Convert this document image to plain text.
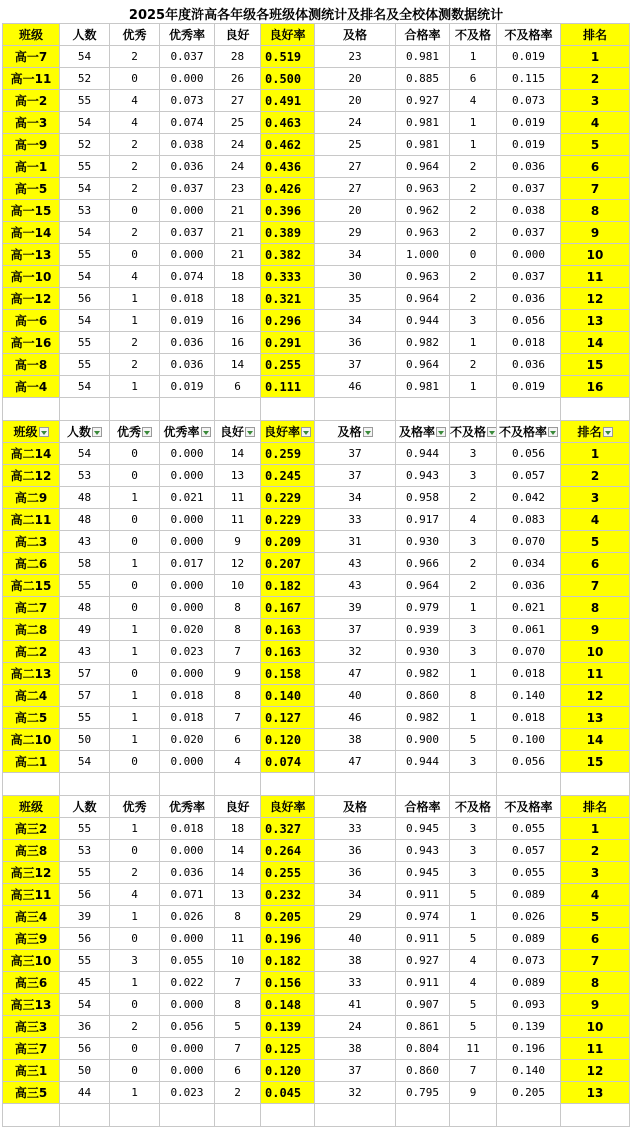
2025年度浒高各年级各班级体测统计及排名及全校体测数据统计										
班级	人数	优秀	优秀率	良好	良好率	及格	合格率	不及格	不及格率	排名
高一7	54	2	0.037	28	0.519	23	0.981	1	0.019	1
高一11	52	0	0.000	26	0.500	20	0.885	6	0.115	2
高一2	55	4	0.073	27	0.491	20	0.927	4	0.073	3
高一3	54	4	0.074	25	0.463	24	0.981	1	0.019	4
高一9	52	2	0.038	24	0.462	25	0.981	1	0.019	5
高一1	55	2	0.036	24	0.436	27	0.964	2	0.036	6
高一5	54	2	0.037	23	0.426	27	0.963	2	0.037	7
高一15	53	0	0.000	21	0.396	20	0.962	2	0.038	8
高一14	54	2	0.037	21	0.389	29	0.963	2	0.037	9
高一13	55	0	0.000	21	0.382	34	1.000	0	0.000	10
高一10	54	4	0.074	18	0.333	30	0.963	2	0.037	11
高一12	56	1	0.018	18	0.321	35	0.964	2	0.036	12
高一6	54	1	0.019	16	0.296	34	0.944	3	0.056	13
高一16	55	2	0.036	16	0.291	36	0.982	1	0.018	14
高一8	55	2	0.036	14	0.255	37	0.964	2	0.036	15
高一4	54	1	0.019	6	0.111	46	0.981	1	0.019	16

班级	人数	优秀	优秀率	良好	良好率	及格	及格率	不及格	不及格率	排名
高二14	54	0	0.000	14	0.259	37	0.944	3	0.056	1
高二12	53	0	0.000	13	0.245	37	0.943	3	0.057	2
高二9	48	1	0.021	11	0.229	34	0.958	2	0.042	3
高二11	48	0	0.000	11	0.229	33	0.917	4	0.083	4
高二3	43	0	0.000	9	0.209	31	0.930	3	0.070	5
高二6	58	1	0.017	12	0.207	43	0.966	2	0.034	6
高二15	55	0	0.000	10	0.182	43	0.964	2	0.036	7
高二7	48	0	0.000	8	0.167	39	0.979	1	0.021	8
高二8	49	1	0.020	8	0.163	37	0.939	3	0.061	9
高二2	43	1	0.023	7	0.163	32	0.930	3	0.070	10
高二13	57	0	0.000	9	0.158	47	0.982	1	0.018	11
高二4	57	1	0.018	8	0.140	40	0.860	8	0.140	12
高二5	55	1	0.018	7	0.127	46	0.982	1	0.018	13
高二10	50	1	0.020	6	0.120	38	0.900	5	0.100	14
高二1	54	0	0.000	4	0.074	47	0.944	3	0.056	15

班级	人数	优秀	优秀率	良好	良好率	及格	合格率	不及格	不及格率	排名
高三2	55	1	0.018	18	0.327	33	0.945	3	0.055	1
高三8	53	0	0.000	14	0.264	36	0.943	3	0.057	2
高三12	55	2	0.036	14	0.255	36	0.945	3	0.055	3
高三11	56	4	0.071	13	0.232	34	0.911	5	0.089	4
高三4	39	1	0.026	8	0.205	29	0.974	1	0.026	5
高三9	56	0	0.000	11	0.196	40	0.911	5	0.089	6
高三10	55	3	0.055	10	0.182	38	0.927	4	0.073	7
高三6	45	1	0.022	7	0.156	33	0.911	4	0.089	8
高三13	54	0	0.000	8	0.148	41	0.907	5	0.093	9
高三3	36	2	0.056	5	0.139	24	0.861	5	0.139	10
高三7	56	0	0.000	7	0.125	38	0.804	11	0.196	11
高三1	50	0	0.000	6	0.120	37	0.860	7	0.140	12
高三5	44	1	0.023	2	0.045	32	0.795	9	0.205	13
